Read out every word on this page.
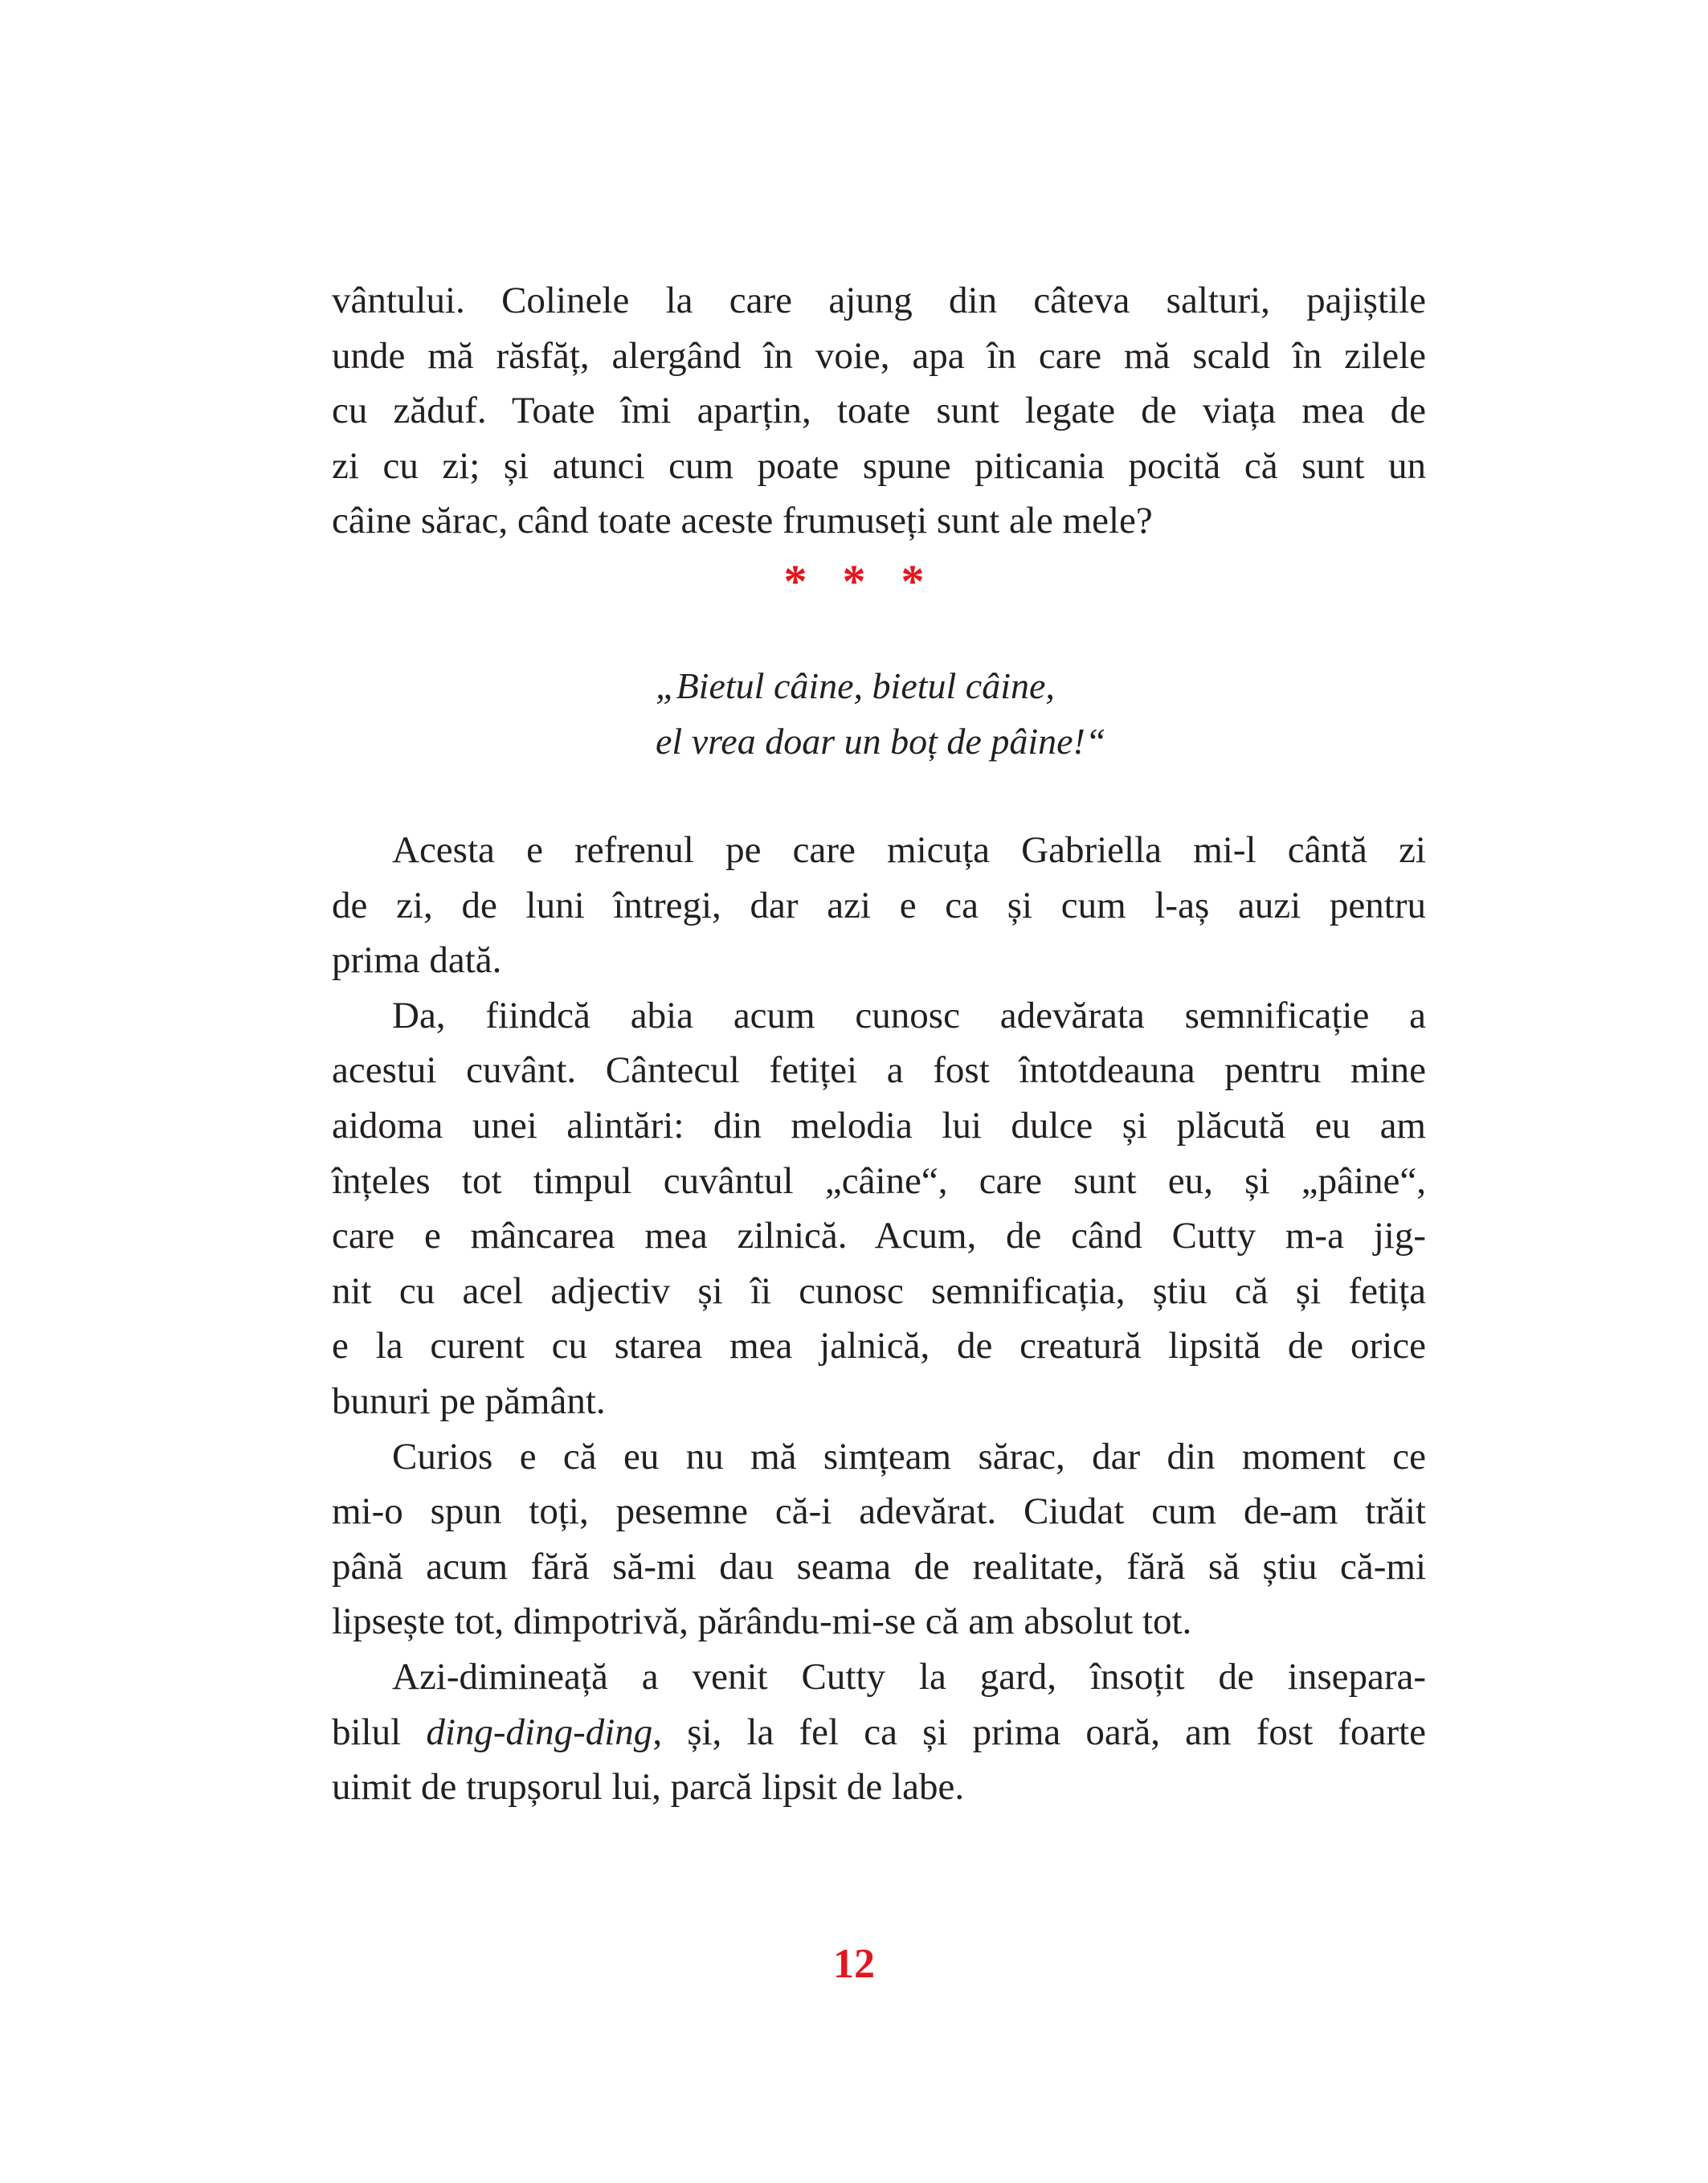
vântului. Colinele la care ajung din câteva salturi, pajiștile
unde mă răsfăț, alergând în voie, apa în care mă scald în zilele
cu zăduf. Toate îmi aparțin, toate sunt legate de viața mea de
zi cu zi; și atunci cum poate spune piticania pocită că sunt un
câine sărac, când toate aceste frumuseți sunt ale mele?
* * *
„Bietul câine, bietul câine,
el vrea doar un boț de pâine!“
Acesta e refrenul pe care micuța Gabriella mi-l cântă zi
de zi, de luni întregi, dar azi e ca și cum l-aș auzi pentru
prima dată.
Da, fiindcă abia acum cunosc adevărata semnificație a
acestui cuvânt. Cântecul fetiței a fost întotdeauna pentru mine
aidoma unei alintări: din melodia lui dulce și plăcută eu am
înțeles tot timpul cuvântul „câine“, care sunt eu, și „pâine“,
care e mâncarea mea zilnică. Acum, de când Cutty m-a jig-
nit cu acel adjectiv și îi cunosc semnificația, știu că și fetița
e la curent cu starea mea jalnică, de creatură lipsită de orice
bunuri pe pământ.
Curios e că eu nu mă simțeam sărac, dar din moment ce
mi-o spun toți, pesemne că-i adevărat. Ciudat cum de-am trăit
până acum fără să-mi dau seama de realitate, fără să știu că-mi
lipsește tot, dimpotrivă, părându-mi-se că am absolut tot.
Azi-dimineață a venit Cutty la gard, însoțit de insepara-
bilul ding-ding-ding, și, la fel ca și prima oară, am fost foarte
uimit de trupșorul lui, parcă lipsit de labe.
12
